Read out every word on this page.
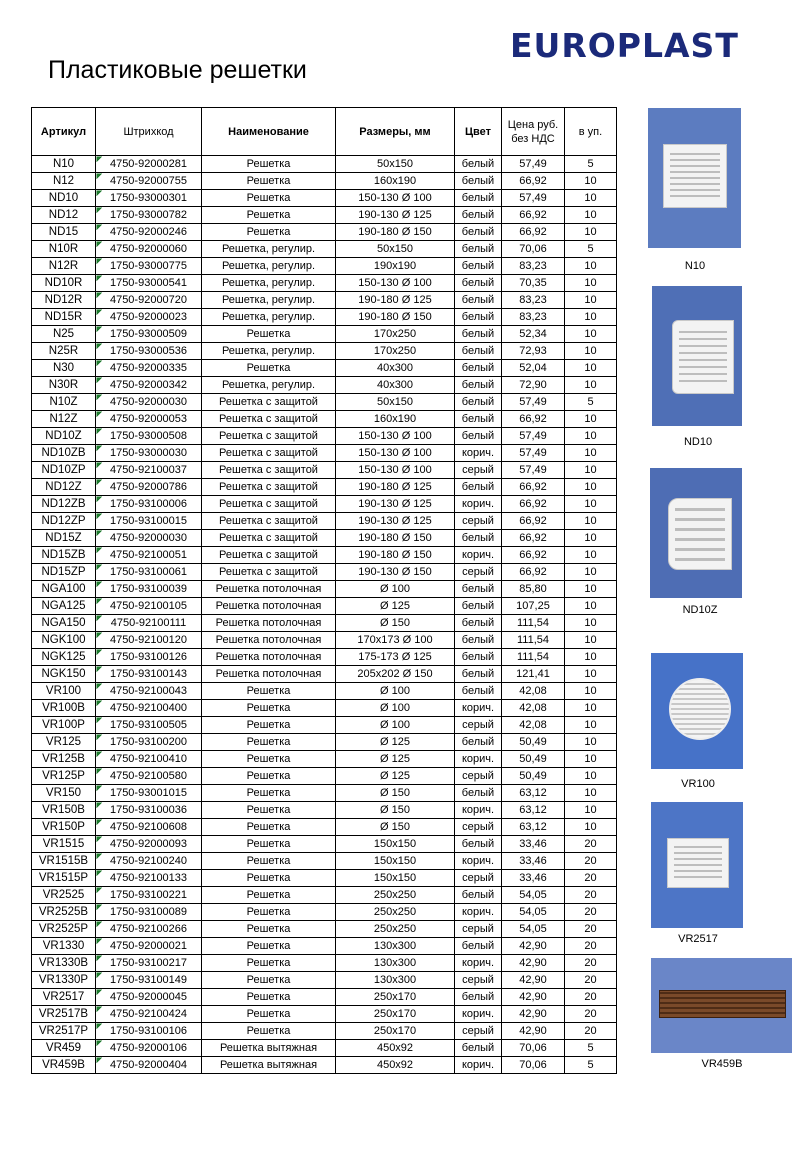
EUROPLAST
Пластиковые решетки
Артикул	Штрихкод	Наименование	Размеры, мм	Цвет	Цена руб. без НДС	в уп.
N10	4750-92000281	Решетка	50x150	белый	57,49	5
N12	4750-92000755	Решетка	160x190	белый	66,92	10
ND10	1750-93000301	Решетка	150-130 Ø 100	белый	57,49	10
ND12	1750-93000782	Решетка	190-130 Ø 125	белый	66,92	10
ND15	4750-92000246	Решетка	190-180 Ø 150	белый	66,92	10
N10R	4750-92000060	Решетка, регулир.	50x150	белый	70,06	5
N12R	1750-93000775	Решетка, регулир.	190x190	белый	83,23	10
ND10R	1750-93000541	Решетка, регулир.	150-130 Ø 100	белый	70,35	10
ND12R	4750-92000720	Решетка, регулир.	190-180 Ø 125	белый	83,23	10
ND15R	4750-92000023	Решетка, регулир.	190-180 Ø 150	белый	83,23	10
N25	1750-93000509	Решетка	170x250	белый	52,34	10
N25R	1750-93000536	Решетка, регулир.	170x250	белый	72,93	10
N30	4750-92000335	Решетка	40x300	белый	52,04	10
N30R	4750-92000342	Решетка, регулир.	40x300	белый	72,90	10
N10Z	4750-92000030	Решетка с защитой	50x150	белый	57,49	5
N12Z	4750-92000053	Решетка с защитой	160x190	белый	66,92	10
ND10Z	1750-93000508	Решетка с защитой	150-130 Ø 100	белый	57,49	10
ND10ZB	1750-93000030	Решетка с защитой	150-130 Ø 100	корич.	57,49	10
ND10ZP	4750-92100037	Решетка с защитой	150-130 Ø 100	серый	57,49	10
ND12Z	4750-92000786	Решетка с защитой	190-180 Ø 125	белый	66,92	10
ND12ZB	1750-93100006	Решетка с защитой	190-130 Ø 125	корич.	66,92	10
ND12ZP	1750-93100015	Решетка с защитой	190-130 Ø 125	серый	66,92	10
ND15Z	4750-92000030	Решетка с защитой	190-180 Ø 150	белый	66,92	10
ND15ZB	4750-92100051	Решетка с защитой	190-180 Ø 150	корич.	66,92	10
ND15ZP	1750-93100061	Решетка с защитой	190-130 Ø 150	серый	66,92	10
NGA100	1750-93100039	Решетка потолочная	Ø 100	белый	85,80	10
NGA125	4750-92100105	Решетка потолочная	Ø 125	белый	107,25	10
NGA150	4750-92100111	Решетка потолочная	Ø 150	белый	111,54	10
NGK100	4750-92100120	Решетка потолочная	170x173 Ø 100	белый	111,54	10
NGK125	1750-93100126	Решетка потолочная	175-173 Ø 125	белый	111,54	10
NGK150	1750-93100143	Решетка потолочная	205x202 Ø 150	белый	121,41	10
VR100	4750-92100043	Решетка	Ø 100	белый	42,08	10
VR100B	4750-92100400	Решетка	Ø 100	корич.	42,08	10
VR100P	1750-93100505	Решетка	Ø 100	серый	42,08	10
VR125	1750-93100200	Решетка	Ø 125	белый	50,49	10
VR125B	4750-92100410	Решетка	Ø 125	корич.	50,49	10
VR125P	4750-92100580	Решетка	Ø 125	серый	50,49	10
VR150	1750-93001015	Решетка	Ø 150	белый	63,12	10
VR150B	1750-93100036	Решетка	Ø 150	корич.	63,12	10
VR150P	4750-92100608	Решетка	Ø 150	серый	63,12	10
VR1515	4750-92000093	Решетка	150x150	белый	33,46	20
VR1515B	4750-92100240	Решетка	150x150	корич.	33,46	20
VR1515P	4750-92100133	Решетка	150x150	серый	33,46	20
VR2525	1750-93100221	Решетка	250x250	белый	54,05	20
VR2525B	1750-93100089	Решетка	250x250	корич.	54,05	20
VR2525P	4750-92100266	Решетка	250x250	серый	54,05	20
VR1330	4750-92000021	Решетка	130x300	белый	42,90	20
VR1330B	1750-93100217	Решетка	130x300	корич.	42,90	20
VR1330P	1750-93100149	Решетка	130x300	серый	42,90	20
VR2517	4750-92000045	Решетка	250x170	белый	42,90	20
VR2517B	4750-92100424	Решетка	250x170	корич.	42,90	20
VR2517P	1750-93100106	Решетка	250x170	серый	42,90	20
VR459	4750-92000106	Решетка вытяжная	450x92	белый	70,06	5
VR459B	4750-92000404	Решетка вытяжная	450x92	корич.	70,06	5
N10
ND10
ND10Z
VR100
VR2517
VR459B
